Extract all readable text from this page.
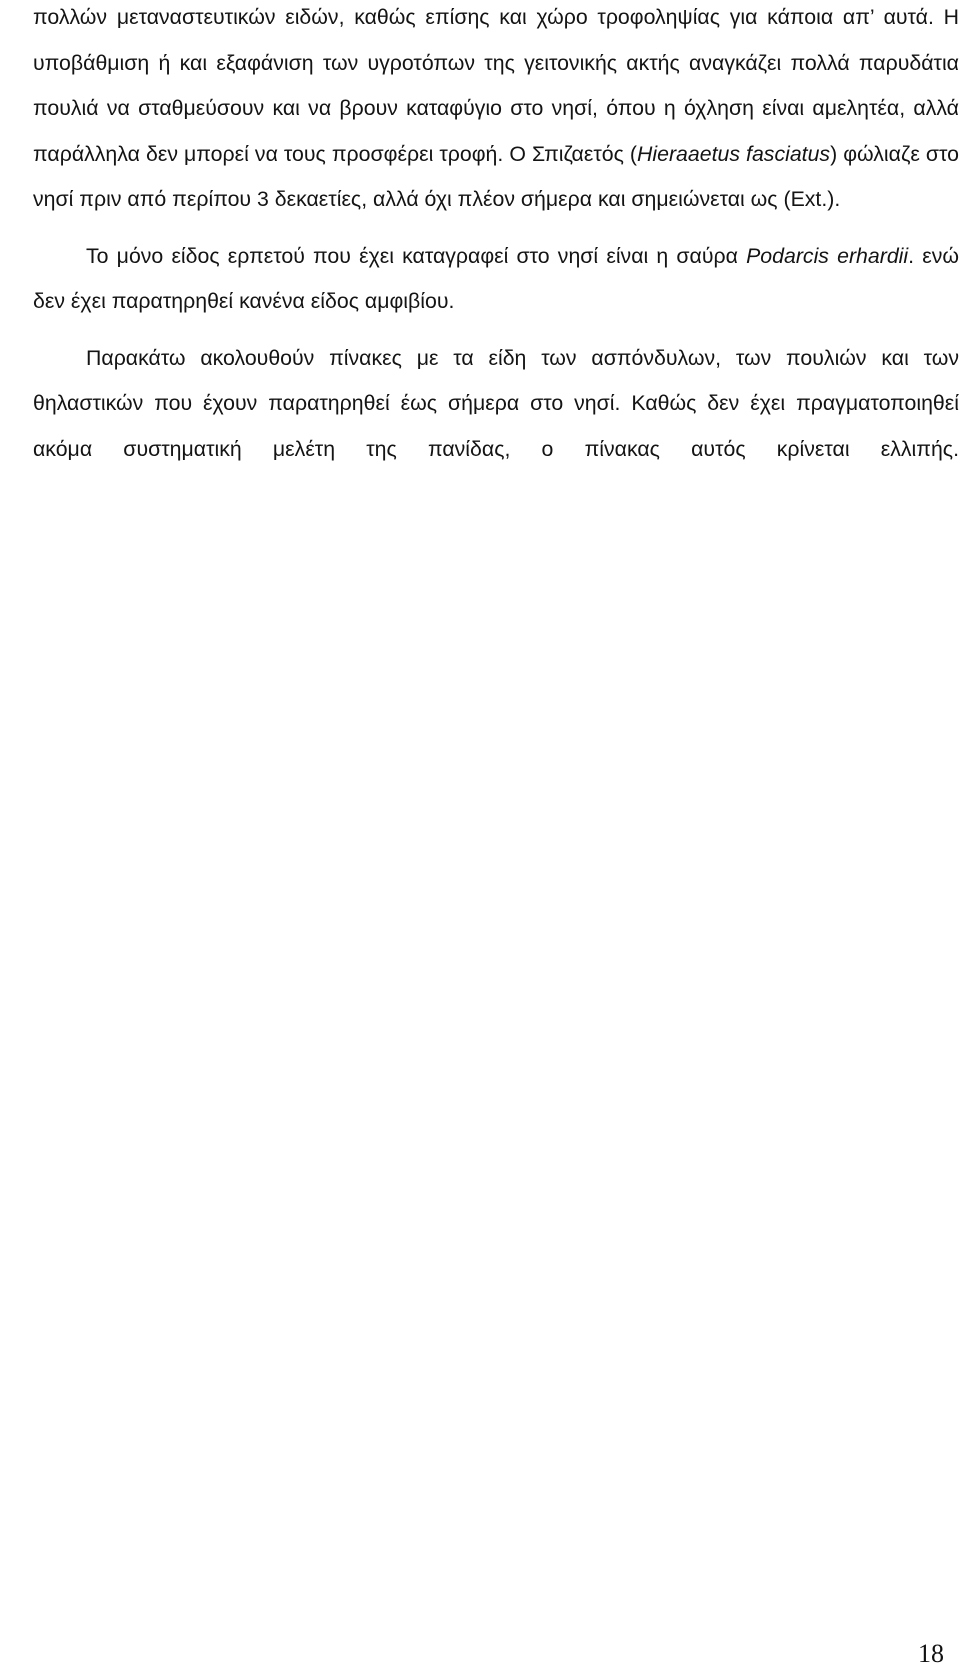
πολλών μεταναστευτικών ειδών, καθώς επίσης και χώρο τροφοληψίας για κάποια απ’ αυτά. Η υποβάθμιση ή και εξαφάνιση των υγροτόπων της γειτονικής ακτής αναγκάζει πολλά παρυδάτια πουλιά να σταθμεύσουν και να βρουν καταφύγιο στο νησί, όπου η όχληση είναι αμελητέα, αλλά παράλληλα δεν μπορεί να τους προσφέρει τροφή. Ο Σπιζαετός (Hieraaetus fasciatus) φώλιαζε στο νησί πριν από περίπου 3 δεκαετίες, αλλά όχι πλέον σήμερα και σημειώνεται ως (Ext.).

Το μόνο είδος ερπετού που έχει καταγραφεί στο νησί είναι η σαύρα Podarcis erhardii. ενώ δεν έχει παρατηρηθεί κανένα είδος αμφιβίου.

Παρακάτω ακολουθούν πίνακες με τα είδη των ασπόνδυλων, των πουλιών και των θηλαστικών που έχουν παρατηρηθεί έως σήμερα στο νησί. Καθώς δεν έχει πραγματοποιηθεί ακόμα συστηματική μελέτη της πανίδας, ο πίνακας αυτός κρίνεται ελλιπής.

18
